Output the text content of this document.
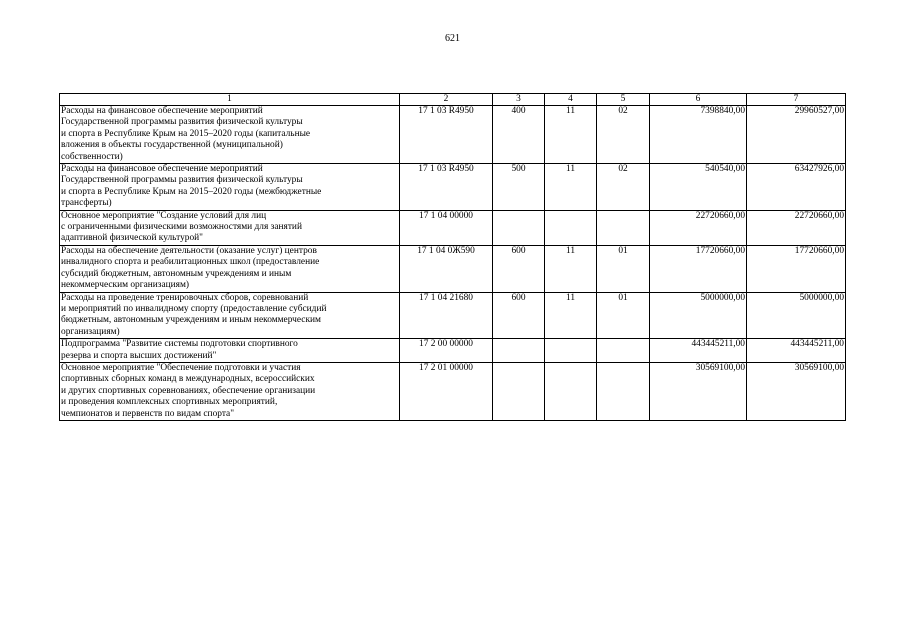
621
1	2	3	4	5	6	7
Расходы на финансовое обеспечение мероприятий
Государственной программы развития физической культуры
и спорта в Республике Крым на 2015–2020 годы (капитальные
вложения в объекты государственной (муниципальной)
собственности)	17 1 03 R4950	400	11	02	7398840,00	29960527,00
Расходы на финансовое обеспечение мероприятий
Государственной программы развития физической культуры
и спорта в Республике Крым на 2015–2020 годы (межбюджетные
трансферты)	17 1 03 R4950	500	11	02	540540,00	63427926,00
Основное мероприятие "Создание условий для лиц
с ограниченными физическими возможностями для занятий
адаптивной физической культурой"	17 1 04 00000				22720660,00	22720660,00
Расходы на обеспечение деятельности (оказание услуг) центров
инвалидного спорта и реабилитационных школ (предоставление
субсидий бюджетным, автономным учреждениям и иным
некоммерческим организациям)	17 1 04 0Ж590	600	11	01	17720660,00	17720660,00
Расходы на проведение тренировочных сборов, соревнований
и мероприятий по инвалидному спорту (предоставление субсидий
бюджетным, автономным учреждениям и иным некоммерческим
организациям)	17 1 04 21680	600	11	01	5000000,00	5000000,00
Подпрограмма "Развитие системы подготовки спортивного
резерва и спорта высших достижений"	17 2 00 00000				443445211,00	443445211,00
Основное мероприятие "Обеспечение подготовки и участия
спортивных сборных команд в международных, всероссийских
и других спортивных соревнованиях, обеспечение организации
и проведения комплексных спортивных мероприятий,
чемпионатов и первенств по видам спорта"	17 2 01 00000				30569100,00	30569100,00
